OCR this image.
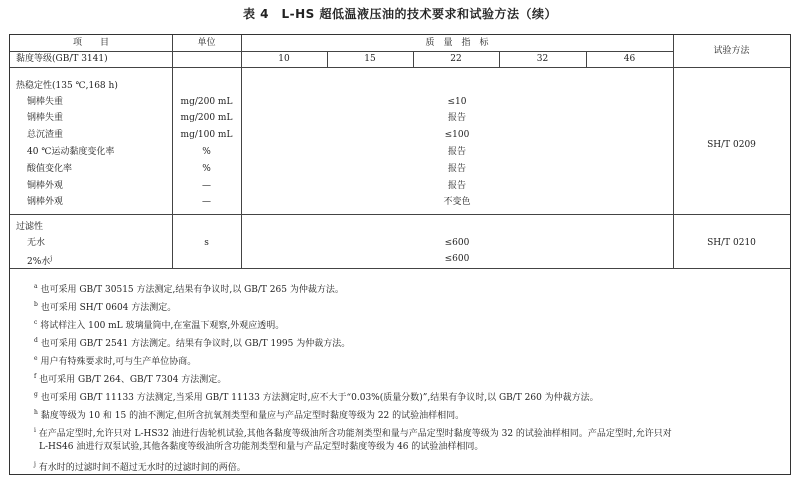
表 4　L-HS 超低温液压油的技术要求和试验方法（续）
项　　目	单位	质　量　指　标
试验方法
黏度等级(GB/T 3141)	10	15	22	32	46
热稳定性(135 ℃,168 h)
铜棒失重	mg/200 mL	≤10
钢棒失重	mg/200 mL	报告
总沉渣重	mg/100 mL	≤100
40 ℃运动黏度变化率	%	报告
酸值变化率	%	报告
铜棒外观	—	报告
钢棒外观	—	不变色
SH/T 0209
过滤性
无水	s	≤600
2%水$^j$	≤600
SH/T 0210
$^a$ 也可采用 GB/T 30515 方法测定,结果有争议时,以 GB/T 265 为仲裁方法。
$^b$ 也可采用 SH/T 0604 方法测定。
$^c$ 将试样注入 100 mL 玻璃量筒中,在室温下观察,外观应透明。
$^d$ 也可采用 GB/T 2541 方法测定。结果有争议时,以 GB/T 1995 为仲裁方法。
$^e$ 用户有特殊要求时,可与生产单位协商。
$^f$ 也可采用 GB/T 264、GB/T 7304 方法测定。
$^g$ 也可采用 GB/T 11133 方法测定,当采用 GB/T 11133 方法测定时,应不大于“0.03%(质量分数)”,结果有争议时,以 GB/T 260 为仲裁方法。
$^h$ 黏度等级为 10 和 15 的油不测定,但所含抗氧剂类型和量应与产品定型时黏度等级为 22 的试验油样相同。
$^i$ 在产品定型时,允许只对 L-HS32 油进行齿轮机试验,其他各黏度等级油所含功能剂类型和量与产品定型时黏度等级为 32 的试验油样相同。产品定型时,允许只对
L-HS46 油进行双泵试验,其他各黏度等级油所含功能剂类型和量与产品定型时黏度等级为 46 的试验油样相同。
$^j$ 有水时的过滤时间不超过无水时的过滤时间的两倍。
